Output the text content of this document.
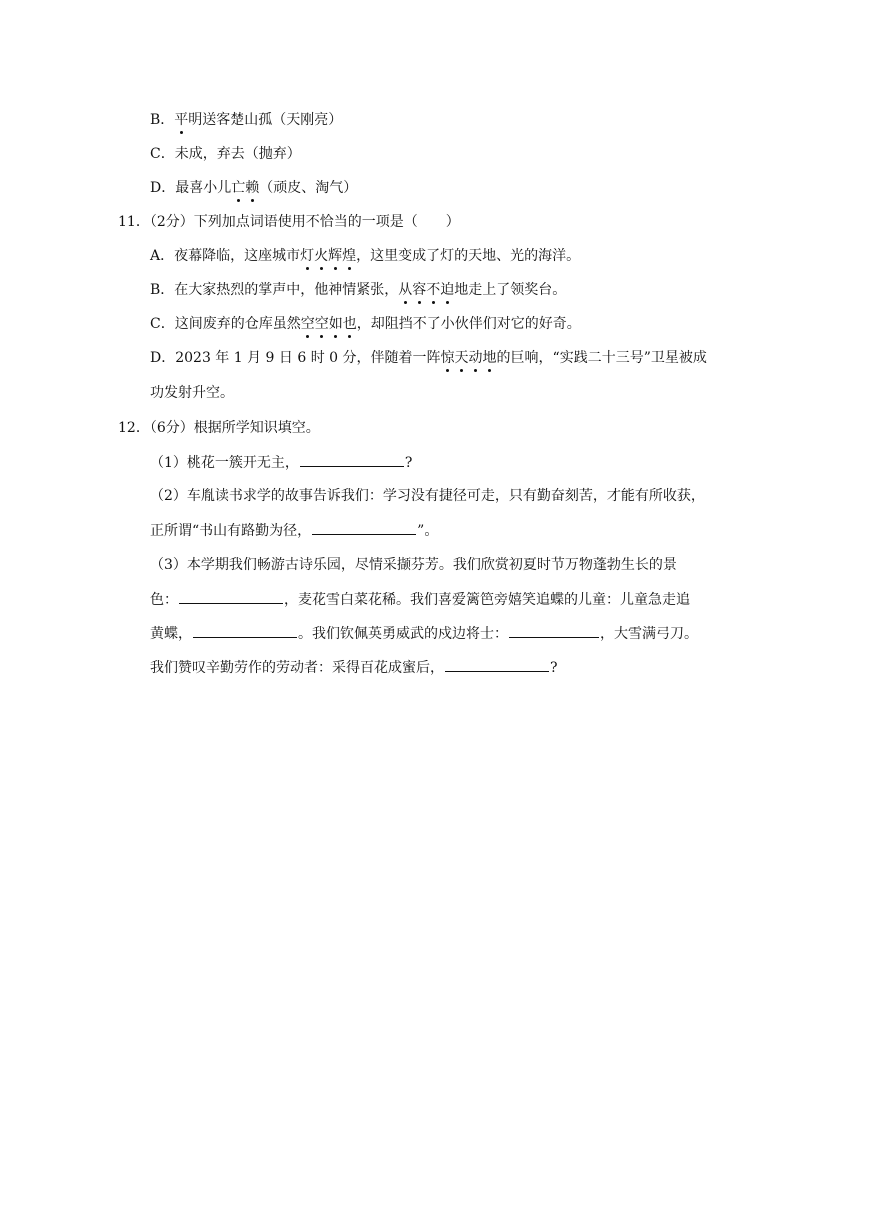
B．平明送客楚山孤（天刚亮）
C．未成，弃去（抛弃）
D．最喜小儿亡赖（顽皮、淘气）
11．（2分）下列加点词语使用不恰当的一项是（　　）
A．夜幕降临，这座城市灯火辉煌，这里变成了灯的天地、光的海洋。
B．在大家热烈的掌声中，他神情紧张，从容不迫地走上了领奖台。
C．这间废弃的仓库虽然空空如也，却阻挡不了小伙伴们对它的好奇。
D．2023 年 1 月 9 日 6 时 0 分，伴随着一阵惊天动地的巨响，“实践二十三号”卫星被成
功发射升空。
12．（6分）根据所学知识填空。
（1）桃花一簇开无主，	?
（2）车胤读书求学的故事告诉我们：学习没有捷径可走，只有勤奋刻苦，才能有所收获，
正所谓“书山有路勤为径，	”。
（3）本学期我们畅游古诗乐园，尽情采撷芬芳。我们欣赏初夏时节万物蓬勃生长的景
色：	，麦花雪白菜花稀。我们喜爱篱笆旁嬉笑追蝶的儿童：儿童急走追
黄蝶，	。我们钦佩英勇威武的戍边将士：	，大雪满弓刀。
我们赞叹辛勤劳作的劳动者：采得百花成蜜后，	?
